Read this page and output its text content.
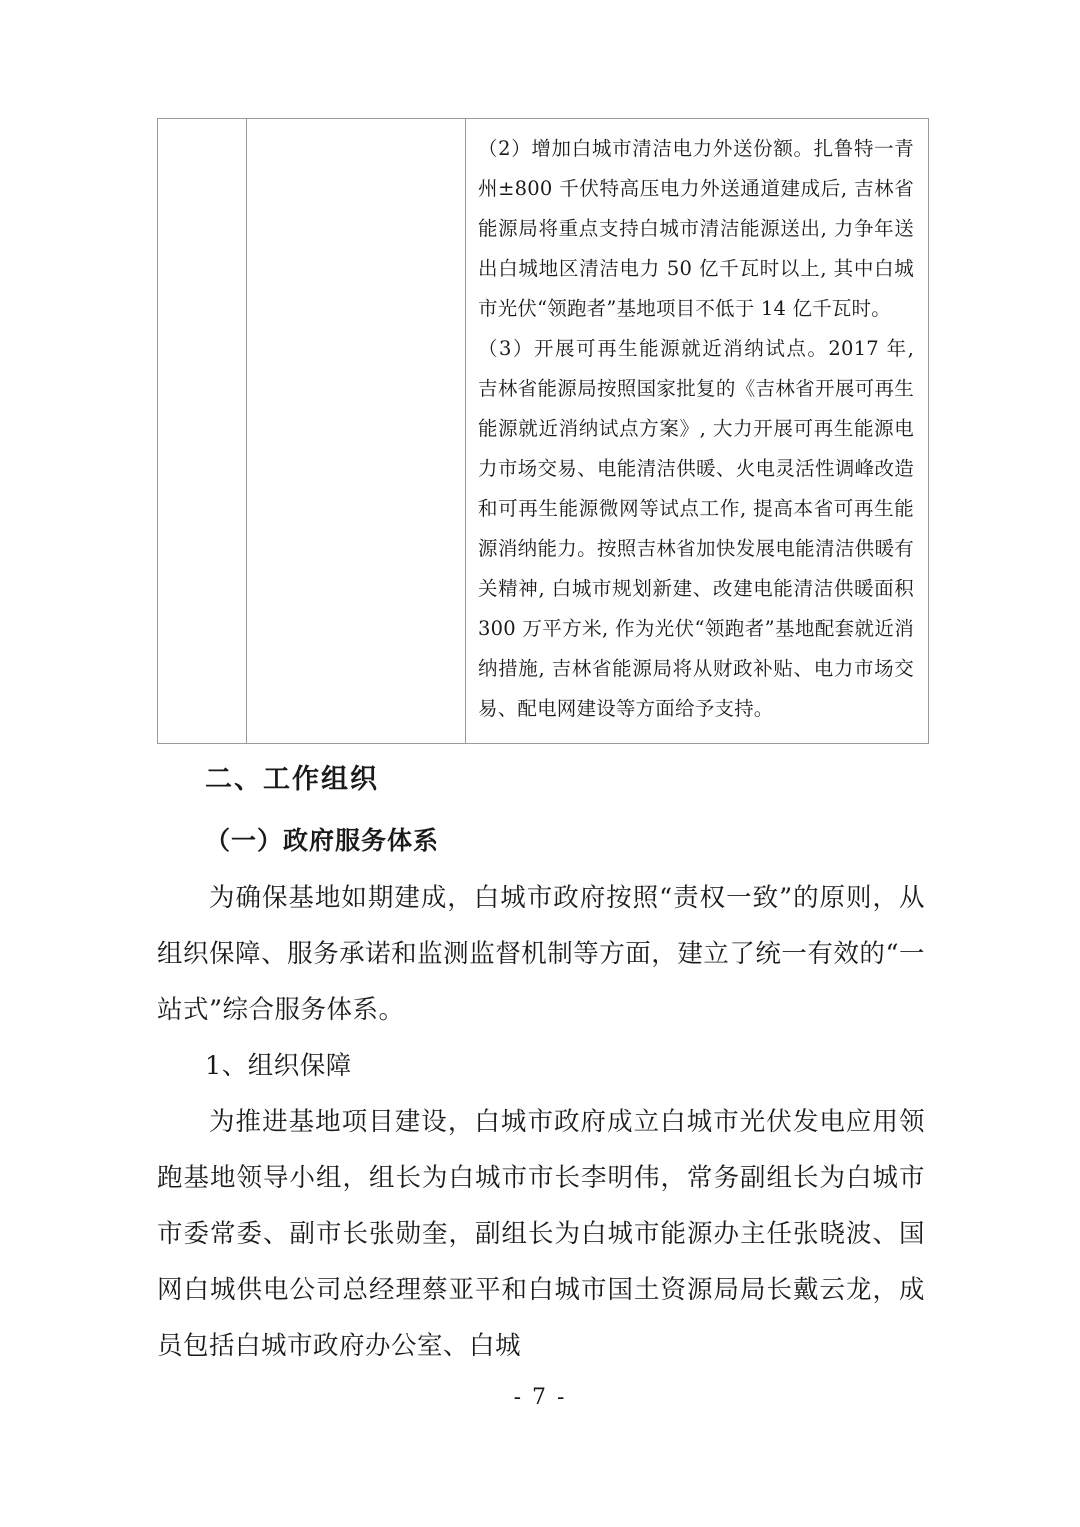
（2）增加白城市清洁电力外送份额。扎鲁特一青州±800 千伏特高压电力外送通道建成后, 吉林省能源局将重点支持白城市清洁能源送出, 力争年送出白城地区清洁电力 50 亿千瓦时以上, 其中白城市光伏“领跑者”基地项目不低于 14 亿千瓦时。

（3）开展可再生能源就近消纳试点。2017 年, 吉林省能源局按照国家批复的《吉林省开展可再生能源就近消纳试点方案》, 大力开展可再生能源电力市场交易、电能清洁供暖、火电灵活性调峰改造和可再生能源微网等试点工作, 提高本省可再生能源消纳能力。按照吉林省加快发展电能清洁供暖有关精神, 白城市规划新建、改建电能清洁供暖面积 300 万平方米, 作为光伏“领跑者”基地配套就近消纳措施, 吉林省能源局将从财政补贴、电力市场交易、配电网建设等方面给予支持。

二、工作组织
（一）政府服务体系

为确保基地如期建成，白城市政府按照“责权一致”的原则，从组织保障、服务承诺和监测监督机制等方面，建立了统一有效的“一站式”综合服务体系。

1、组织保障

为推进基地项目建设，白城市政府成立白城市光伏发电应用领跑基地领导小组，组长为白城市市长李明伟，常务副组长为白城市市委常委、副市长张勋奎，副组长为白城市能源办主任张晓波、国网白城供电公司总经理蔡亚平和白城市国土资源局局长戴云龙，成员包括白城市政府办公室、白城

- 7 -
